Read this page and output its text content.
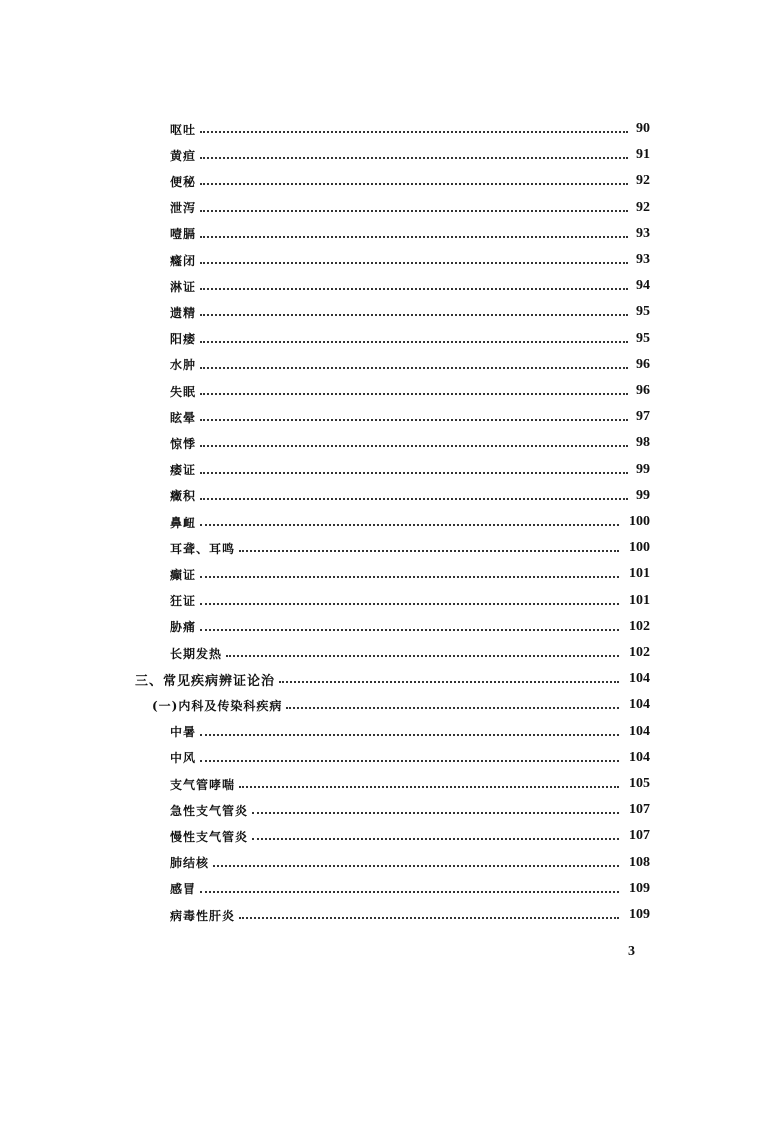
呕吐	90
黄疸	91
便秘	92
泄泻	92
噎膈	93
癃闭	93
淋证	94
遗精	95
阳痿	95
水肿	96
失眠	96
眩晕	97
惊悸	98
痿证	99
癥积	99
鼻衄	100
耳聋、耳鸣	100
癫证	101
狂证	101
胁痛	102
长期发热	102
三、常见疾病辨证论治	104
(一)内科及传染科疾病	104
中暑	104
中风	104
支气管哮喘	105
急性支气管炎	107
慢性支气管炎	107
肺结核	108
感冒	109
病毒性肝炎	109
3
